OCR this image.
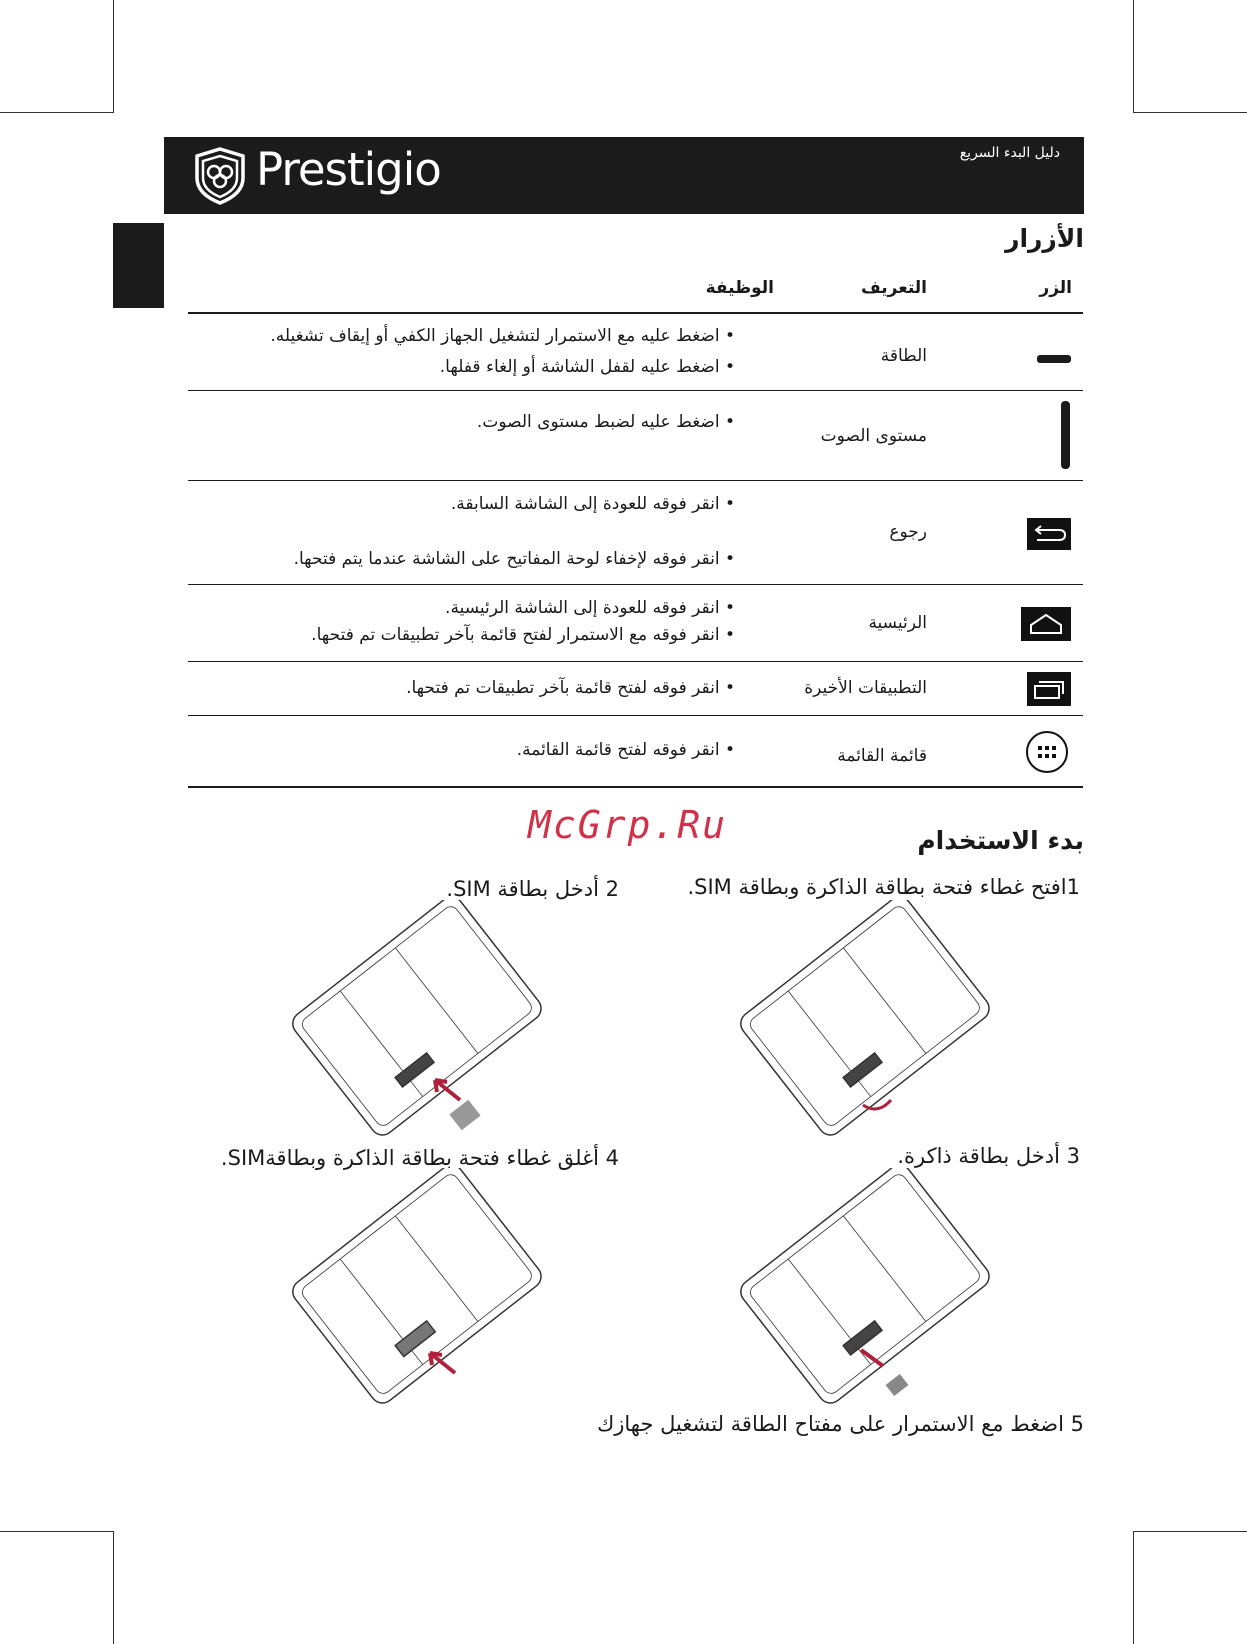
Prestigio	دليل البدء السريع
الأزرار
الزر
التعريف
الوظيفة
الطاقة
• اضغط عليه مع الاستمرار لتشغيل الجهاز الكفي أو إيقاف تشغيله.
• اضغط عليه لقفل الشاشة أو إلغاء قفلها.
مستوى الصوت
• اضغط عليه لضبط مستوى الصوت.
رجوع
• انقر فوقه للعودة إلى الشاشة السابقة.
• انقر فوقه لإخفاء لوحة المفاتيح على الشاشة عندما يتم فتحها.
الرئيسية
• انقر فوقه للعودة إلى الشاشة الرئيسية.
• انقر فوقه مع الاستمرار لفتح قائمة بآخر تطبيقات تم فتحها.
التطبيقات الأخيرة
• انقر فوقه لفتح قائمة بآخر تطبيقات تم فتحها.
قائمة القائمة
• انقر فوقه لفتح قائمة القائمة.
McGrp.Ru	بدء الاستخدام
1افتح غطاء فتحة بطاقة الذاكرة وبطاقة SIM.
2 أدخل بطاقة SIM.
3 أدخل بطاقة ذاكرة.
4 أغلق غطاء فتحة بطاقة الذاكرة وبطاقةSIM.
5 اضغط مع الاستمرار على مفتاح الطاقة لتشغيل جهازك
